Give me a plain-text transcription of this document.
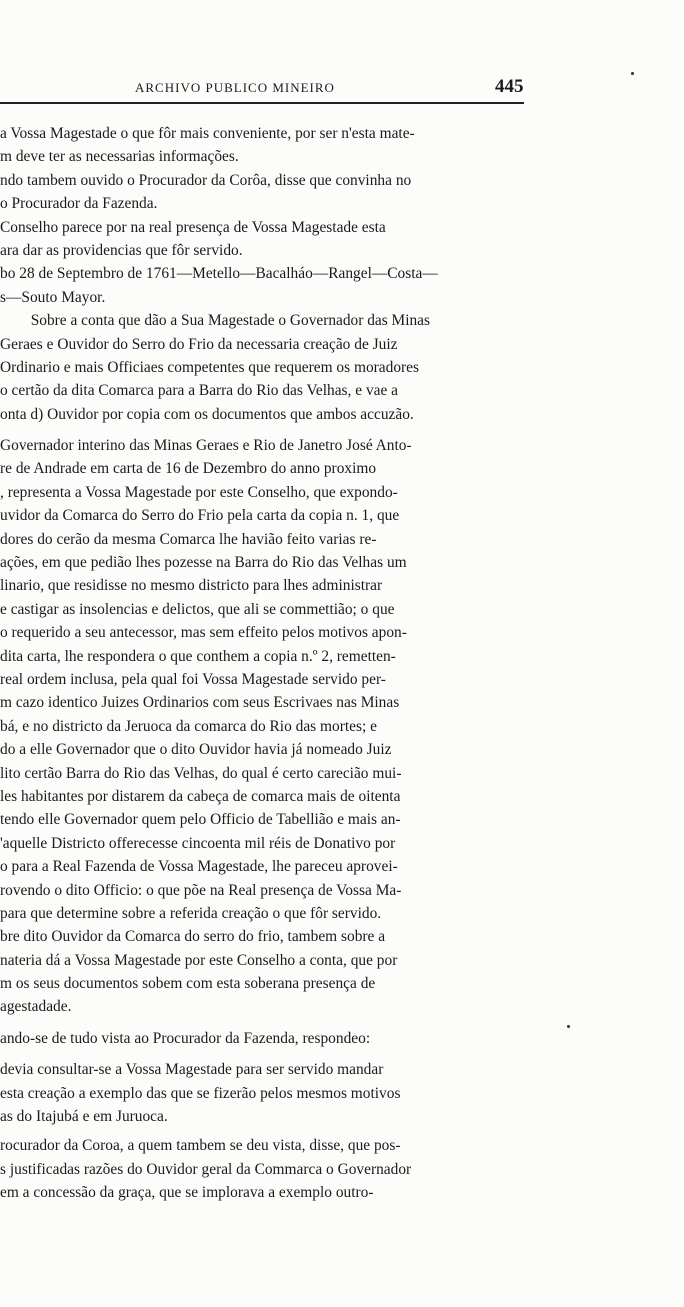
ARCHIVO PUBLICO MINEIRO	445
a Vossa Magestade o que fôr mais conveniente, por ser n'esta mate-
m deve ter as necessarias informações.
ndo tambem ouvido o Procurador da Corôa, disse que convinha no
o Procurador da Fazenda.
Conselho parece por na real presença de Vossa Magestade esta
ara dar as providencias que fôr servido.
bo 28 de Septembro de 1761—Metello—Bacalháo—Rangel—Costa—
s—Souto Mayor.
Sobre a conta que dão a Sua Magestade o Governador das Minas
Geraes e Ouvidor do Serro do Frio da necessaria creação de Juiz
Ordinario e mais Officiaes competentes que requerem os moradores
o certão da dita Comarca para a Barra do Rio das Velhas, e vae a
onta d) Ouvidor por copia com os documentos que ambos accuzão.
Governador interino das Minas Geraes e Rio de Janetro José Anto-
re de Andrade em carta de 16 de Dezembro do anno proximo
, representa a Vossa Magestade por este Conselho, que expondo-
uvidor da Comarca do Serro do Frio pela carta da copia n. 1, que
dores do cerão da mesma Comarca lhe havião feito varias re-
ações, em que pedião lhes pozesse na Barra do Rio das Velhas um
linario, que residisse no mesmo districto para lhes administrar
e castigar as insolencias e delictos, que ali se commettião; o que
o requerido a seu antecessor, mas sem effeito pelos motivos apon-
dita carta, lhe respondera o que conthem a copia n.º 2, remetten-
real ordem inclusa, pela qual foi Vossa Magestade servido per-
m cazo identico Juizes Ordinarios com seus Escrivaes nas Minas
bá, e no districto da Jeruoca da comarca do Rio das mortes; e
do a elle Governador que o dito Ouvidor havia já nomeado Juiz
lito certão Barra do Rio das Velhas, do qual é certo carecião mui-
les habitantes por distarem da cabeça de comarca mais de oitenta
tendo elle Governador quem pelo Officio de Tabellião e mais an-
'aquelle Districto offerecesse cincoenta mil réis de Donativo por
o para a Real Fazenda de Vossa Magestade, lhe pareceu aprovei-
rovendo o dito Officio: o que põe na Real presença de Vossa Ma-
para que determine sobre a referida creação o que fôr servido.
bre dito Ouvidor da Comarca do serro do frio, tambem sobre a
nateria dá a Vossa Magestade por este Conselho a conta, que por
m os seus documentos sobem com esta soberana presença de
agestadade.
ando-se de tudo vista ao Procurador da Fazenda, respondeo:
devia consultar-se a Vossa Magestade para ser servido mandar
esta creação a exemplo das que se fizerão pelos mesmos motivos
as do Itajubá e em Juruoca.
rocurador da Coroa, a quem tambem se deu vista, disse, que pos-
s justificadas razões do Ouvidor geral da Commarca o Governador
em a concessão da graça, que se implorava a exemplo outro-
